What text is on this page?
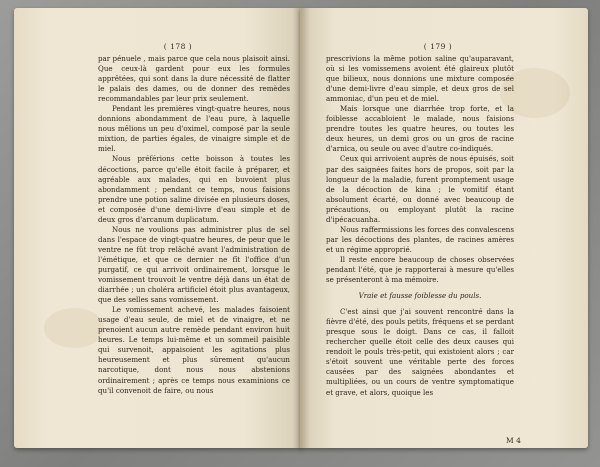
( 178 )

par pénuele , mais parce que cela nous plaisoit ainsi. Que ceux-là gardent pour eux les formules apprêtées, qui sont dans la dure nécessité de flatter le palais des dames, ou de donner des remèdes recommandables par leur prix seulement.

Pendant les premières vingt-quatre heures, nous donnions abondamment de l'eau pure, à laquelle nous mêlions un peu d'oximel, composé par la seule mixtion, de parties égales, de vinaigre simple et de miel.

Nous préférions cette boisson à toutes les décoctions, parce qu'elle étoit facile à préparer, et agréable aux malades, qui en buvoient plus abondamment ; pendant ce temps, nous faisions prendre une potion saline divisée en plusieurs doses, et composée d'une demi-livre d'eau simple et de deux gros d'arcanum duplicatum.

Nous ne voulions pas administrer plus de sel dans l'espace de vingt-quatre heures, de peur que le ventre ne fût trop relâché avant l'administration de l'émétique, et que ce dernier ne fît l'office d'un purgatif, ce qui arrivoit ordinairement, lorsque le vomissement trouvoit le ventre déjà dans un état de diarrhée ; un choléra artificiel étoit plus avantageux, que des selles sans vomissement.

Le vomissement achevé, les malades faisoient usage d'eau seule, de miel et de vinaigre, et ne prenoient aucun autre remède pendant environ huit heures. Le temps lui-même et un sommeil paisible qui survenoit, appaisoient les agitations plus heureusement et plus sûrement qu'aucun narcotique, dont nous nous abstenions ordinairement ; après ce temps nous examinions ce qu'il convenoit de faire, ou nous

( 179 )

prescrivions la même potion saline qu'auparavant, où si les vomissemens avoient été glaireux plutôt que bilieux, nous donnions une mixture composée d'une demi-livre d'eau simple, et deux gros de sel ammoniac, d'un peu et de miel.

Mais lorsque une diarrhée trop forte, et la foiblesse accabloient le malade, nous faisions prendre toutes les quatre heures, ou toutes les deux heures, un demi gros ou un gros de racine d'arnica, ou seule ou avec d'autre co-indiqués.

Ceux qui arrivoient auprès de nous épuisés, soit par des saignées faites hors de propos, soit par la longueur de la maladie, furent promptement usage de la décoction de kina ; le vomitif étant absolument écarté, ou donné avec beaucoup de précautions, ou employant plutôt la racine d'ipécacuanha.

Nous raffermissions les forces des convalescens par les décoctions des plantes, de racines amères et un régime approprié.

Il reste encore beaucoup de choses observées pendant l'été, que je rapporterai à mesure qu'elles se présenteront à ma mémoire.

Vraie et fausse foiblesse du pouls.

C'est ainsi que j'ai souvent rencontré dans la fièvre d'été, des pouls petits, fréquens et se perdant presque sous le doigt. Dans ce cas, il falloit rechercher quelle étoit celle des deux causes qui rendoit le pouls très-petit, qui existoient alors ; car s'étoit souvent une véritable perte des forces causées par des saignées abondantes et multipliées, ou un cours de ventre symptomatique et grave, et alors, quoique les

M 4
